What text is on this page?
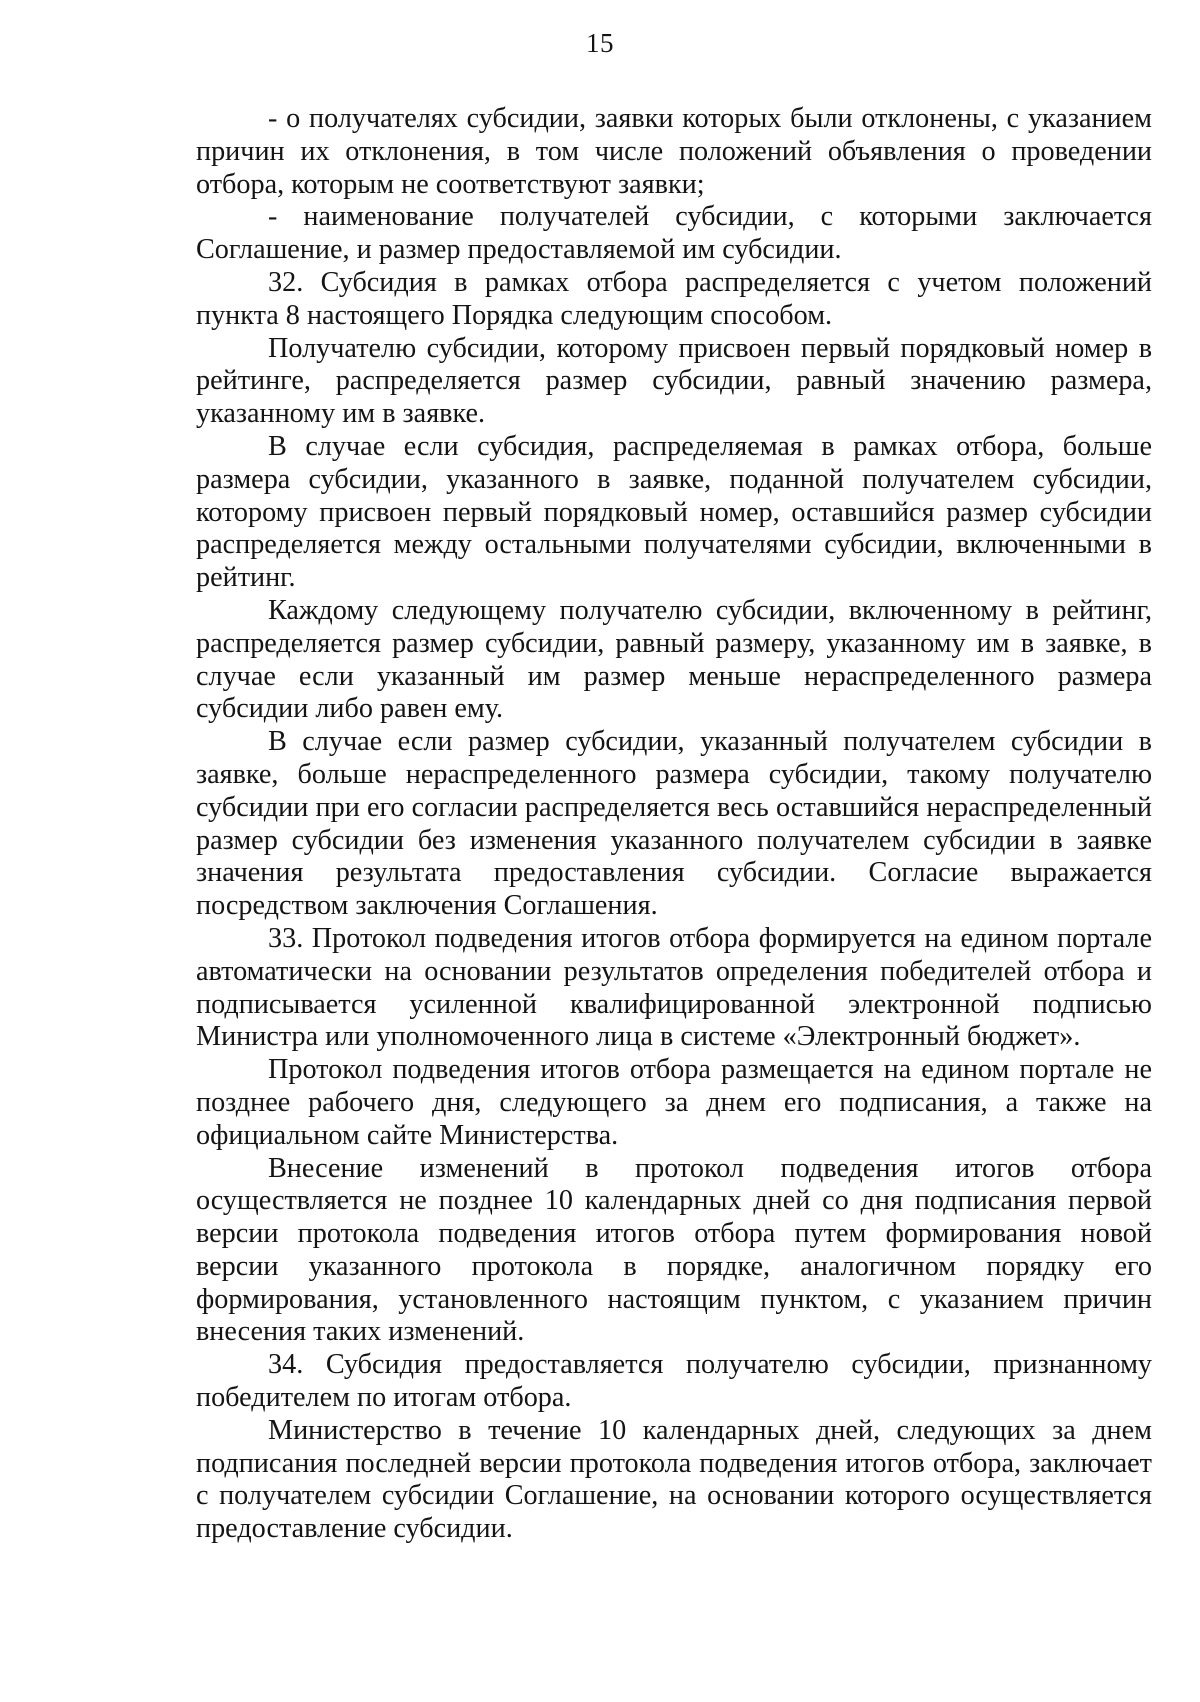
15

- о получателях субсидии, заявки которых были отклонены, с указанием причин их отклонения, в том числе положений объявления о проведении отбора, которым не соответствуют заявки;

- наименование получателей субсидии, с которыми заключается Соглашение, и размер предоставляемой им субсидии.

32. Субсидия в рамках отбора распределяется с учетом положений пункта 8 настоящего Порядка следующим способом.

Получателю субсидии, которому присвоен первый порядковый номер в рейтинге, распределяется размер субсидии, равный значению размера, указанному им в заявке.

В случае если субсидия, распределяемая в рамках отбора, больше размера субсидии, указанного в заявке, поданной получателем субсидии, которому присвоен первый порядковый номер, оставшийся размер субсидии распределяется между остальными получателями субсидии, включенными в рейтинг.

Каждому следующему получателю субсидии, включенному в рейтинг, распределяется размер субсидии, равный размеру, указанному им в заявке, в случае если указанный им размер меньше нераспределенного размера субсидии либо равен ему.

В случае если размер субсидии, указанный получателем субсидии в заявке, больше нераспределенного размера субсидии, такому получателю субсидии при его согласии распределяется весь оставшийся нераспределенный размер субсидии без изменения указанного получателем субсидии в заявке значения результата предоставления субсидии. Согласие выражается посредством заключения Соглашения.

33. Протокол подведения итогов отбора формируется на едином портале автоматически на основании результатов определения победителей отбора и подписывается усиленной квалифицированной электронной подписью Министра или уполномоченного лица в системе «Электронный бюджет».

Протокол подведения итогов отбора размещается на едином портале не позднее рабочего дня, следующего за днем его подписания, а также на официальном сайте Министерства.

Внесение изменений в протокол подведения итогов отбора осуществляется не позднее 10 календарных дней со дня подписания первой версии протокола подведения итогов отбора путем формирования новой версии указанного протокола в порядке, аналогичном порядку его формирования, установленного настоящим пунктом, с указанием причин внесения таких изменений.

34. Субсидия предоставляется получателю субсидии, признанному победителем по итогам отбора.

Министерство в течение 10 календарных дней, следующих за днем подписания последней версии протокола подведения итогов отбора, заключает с получателем субсидии Соглашение, на основании которого осуществляется предоставление субсидии.
